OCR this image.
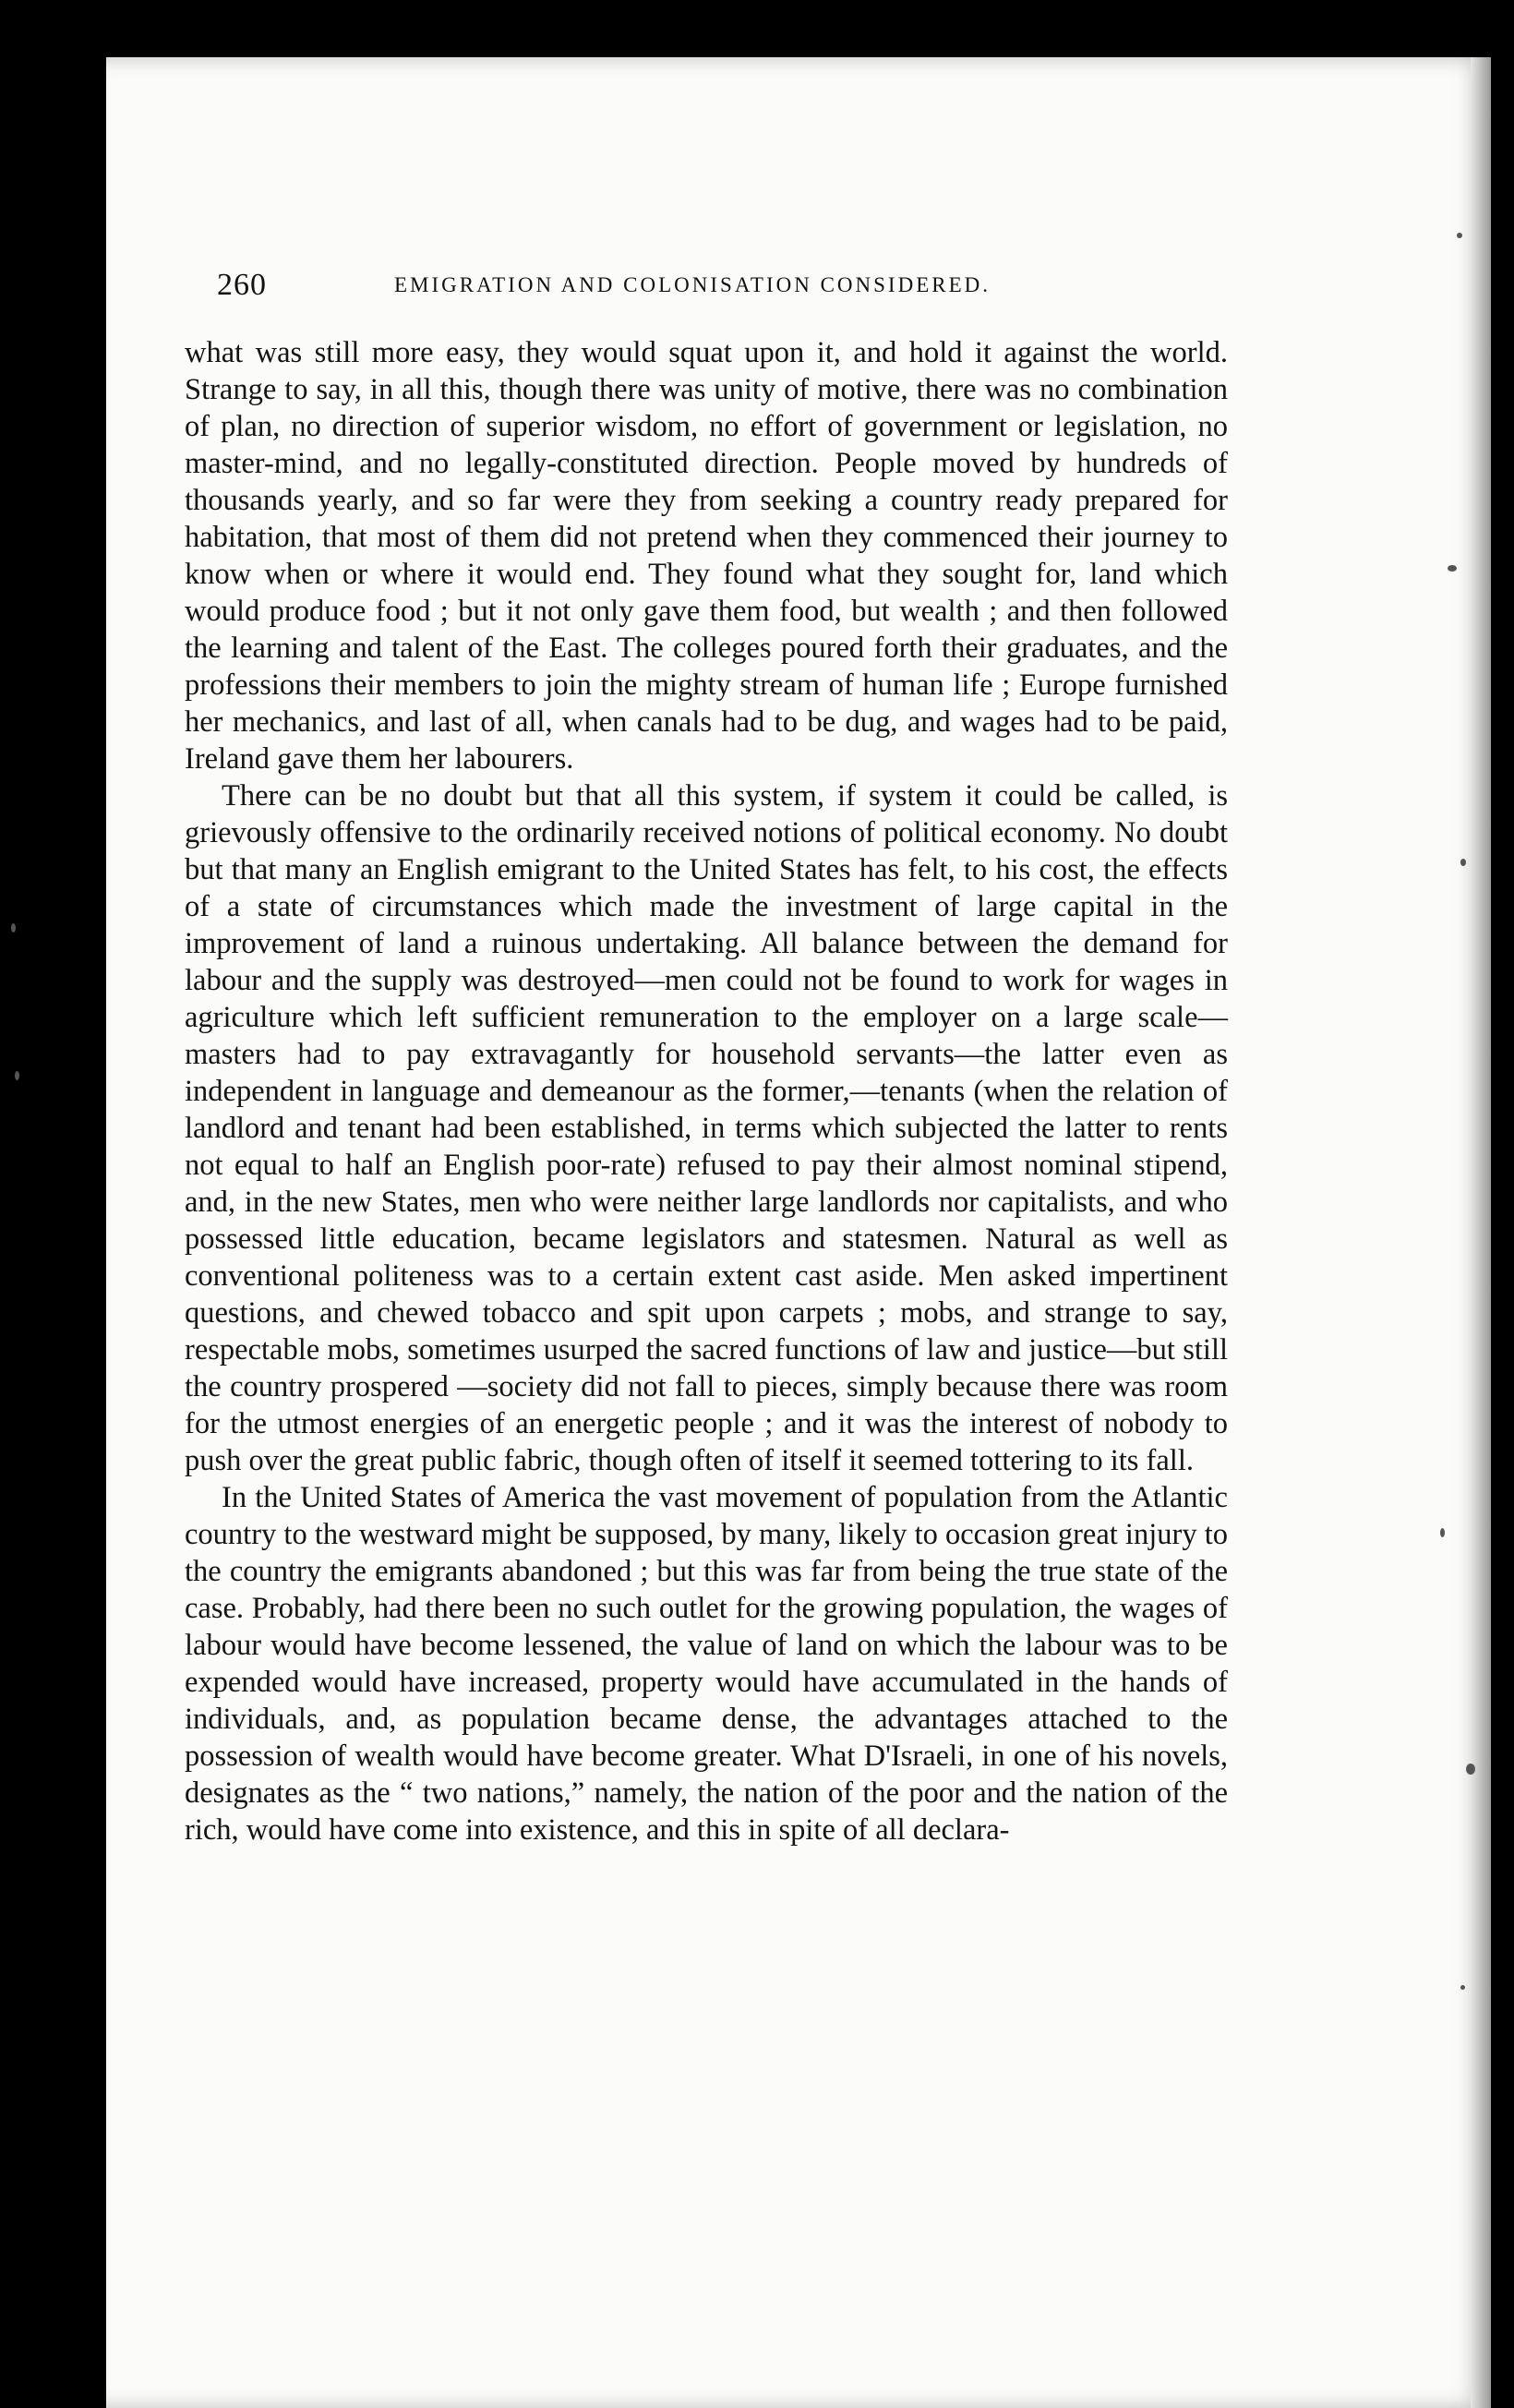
260	EMIGRATION AND COLONISATION CONSIDERED.

what was still more easy, they would squat upon it, and hold it against the world. Strange to say, in all this, though there was unity of motive, there was no combination of plan, no direction of superior wisdom, no effort of government or legislation, no master-mind, and no legally-constituted direction. People moved by hundreds of thousands yearly, and so far were they from seeking a country ready prepared for habitation, that most of them did not pretend when they commenced their journey to know when or where it would end. They found what they sought for, land which would produce food ; but it not only gave them food, but wealth ; and then followed the learning and talent of the East. The colleges poured forth their graduates, and the professions their members to join the mighty stream of human life ; Europe furnished her mechanics, and last of all, when canals had to be dug, and wages had to be paid, Ireland gave them her labourers.

There can be no doubt but that all this system, if system it could be called, is grievously offensive to the ordinarily received notions of political economy. No doubt but that many an English emigrant to the United States has felt, to his cost, the effects of a state of circumstances which made the investment of large capital in the improvement of land a ruinous undertaking. All balance between the demand for labour and the supply was destroyed—men could not be found to work for wages in agriculture which left sufficient remuneration to the employer on a large scale—masters had to pay extravagantly for household servants—the latter even as independent in language and demeanour as the former,—tenants (when the relation of landlord and tenant had been established, in terms which subjected the latter to rents not equal to half an English poor-rate) refused to pay their almost nominal stipend, and, in the new States, men who were neither large landlords nor capitalists, and who possessed little education, became legislators and statesmen. Natural as well as conventional politeness was to a certain extent cast aside. Men asked impertinent questions, and chewed tobacco and spit upon carpets ; mobs, and strange to say, respectable mobs, sometimes usurped the sacred functions of law and justice—but still the country prospered —society did not fall to pieces, simply because there was room for the utmost energies of an energetic people ; and it was the interest of nobody to push over the great public fabric, though often of itself it seemed tottering to its fall.

In the United States of America the vast movement of population from the Atlantic country to the westward might be supposed, by many, likely to occasion great injury to the country the emigrants abandoned ; but this was far from being the true state of the case. Probably, had there been no such outlet for the growing population, the wages of labour would have become lessened, the value of land on which the labour was to be expended would have increased, property would have accumulated in the hands of individuals, and, as population became dense, the advantages attached to the possession of wealth would have become greater. What D'Israeli, in one of his novels, designates as the “ two nations,” namely, the nation of the poor and the nation of the rich, would have come into existence, and this in spite of all declara-
